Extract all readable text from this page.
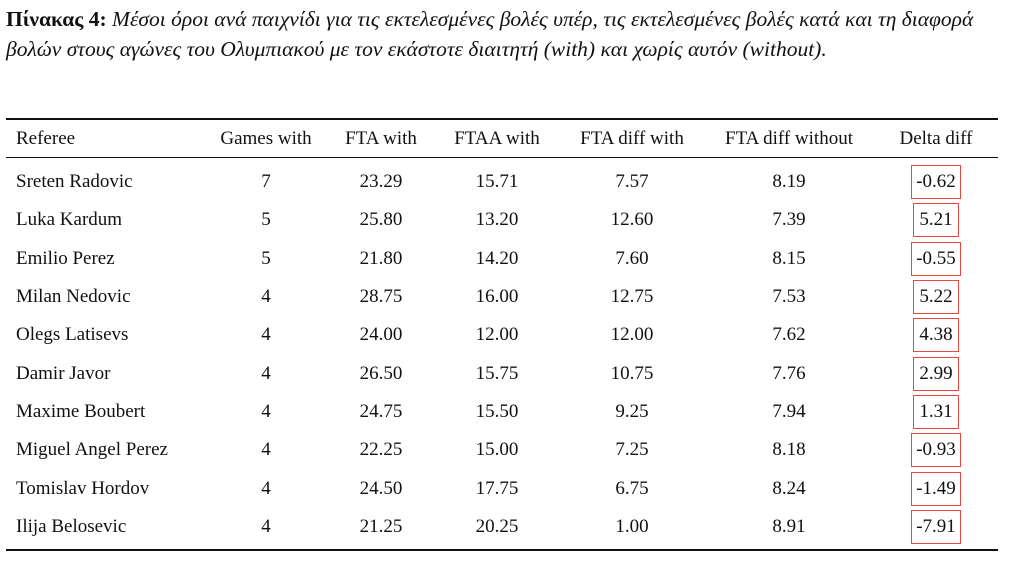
Πίνακας 4: Μέσοι όροι ανά παιχνίδι για τις εκτελεσμένες βολές υπέρ, τις εκτελεσμένες βολές κατά και τη διαφορά βολών στους αγώνες του Ολυμπιακού με τον εκάστοτε διαιτητή (with) και χωρίς αυτόν (without).
Referee	Games with	FTA with	FTAA with	FTA diff with	FTA diff without	Delta diff
Sreten Radovic	7	23.29	15.71	7.57	8.19	-0.62
Luka Kardum	5	25.80	13.20	12.60	7.39	5.21
Emilio Perez	5	21.80	14.20	7.60	8.15	-0.55
Milan Nedovic	4	28.75	16.00	12.75	7.53	5.22
Olegs Latisevs	4	24.00	12.00	12.00	7.62	4.38
Damir Javor	4	26.50	15.75	10.75	7.76	2.99
Maxime Boubert	4	24.75	15.50	9.25	7.94	1.31
Miguel Angel Perez	4	22.25	15.00	7.25	8.18	-0.93
Tomislav Hordov	4	24.50	17.75	6.75	8.24	-1.49
Ilija Belosevic	4	21.25	20.25	1.00	8.91	-7.91
